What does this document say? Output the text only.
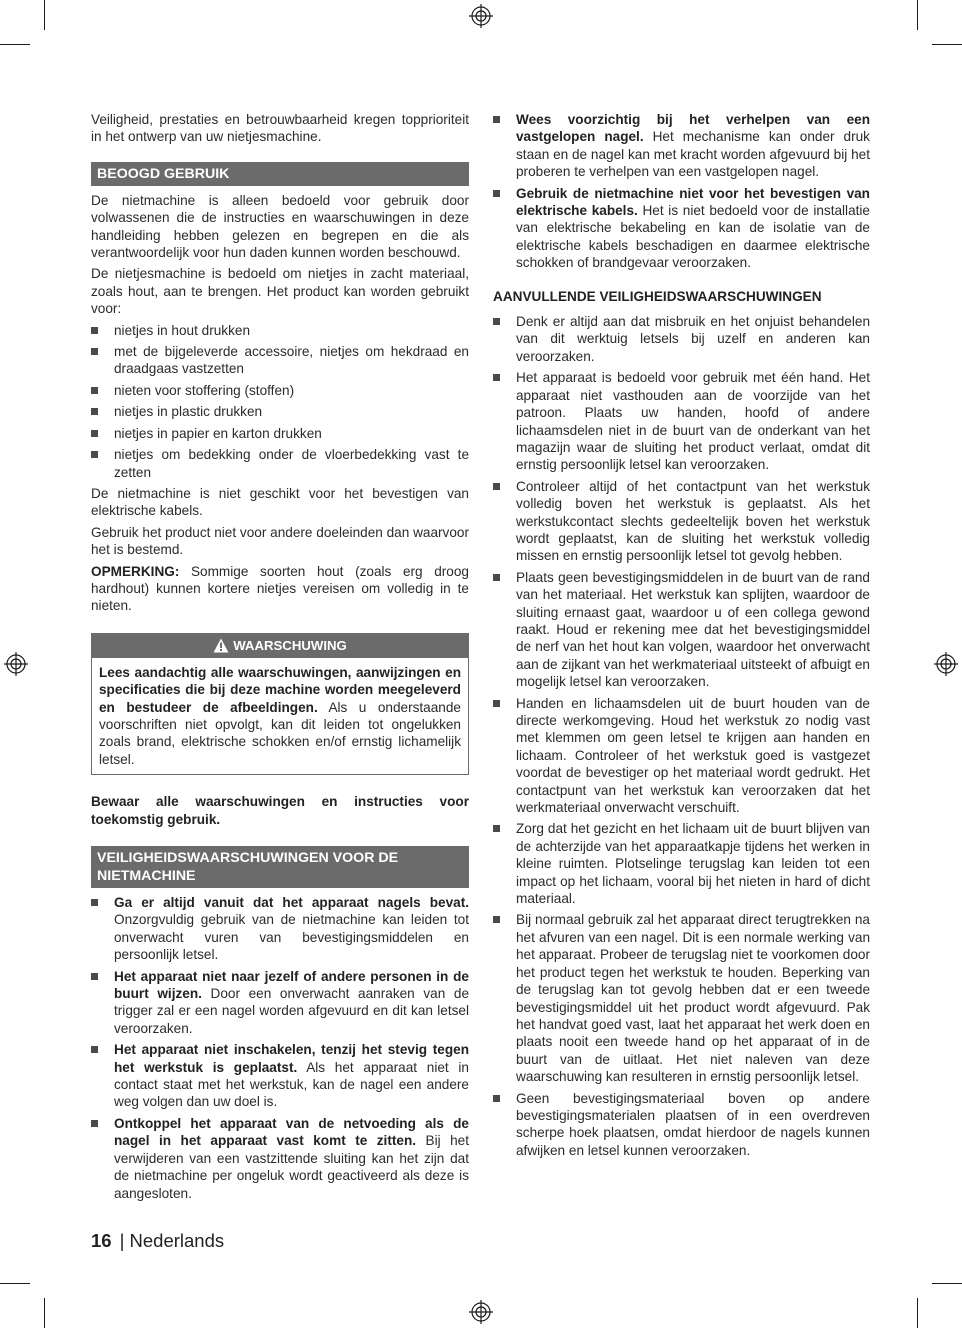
Veiligheid, prestaties en betrouwbaarheid kregen topprioriteit in het ontwerp van uw nietjesmachine.

BEOOGD GEBRUIK

De nietmachine is alleen bedoeld voor gebruik door volwassenen die de instructies en waarschuwingen in deze handleiding hebben gelezen en begrepen en die als verantwoordelijk voor hun daden kunnen worden beschouwd.

De nietjesmachine is bedoeld om nietjes in zacht materiaal, zoals hout, aan te brengen. Het product kan worden gebruikt voor:

nietjes in hout drukken
met de bijgeleverde accessoire, nietjes om hekdraad en draadgaas vastzetten
nieten voor stoffering (stoffen)
nietjes in plastic drukken
nietjes in papier en karton drukken
nietjes om bedekking onder de vloerbedekking vast te zetten

De nietmachine is niet geschikt voor het bevestigen van elektrische kabels.

Gebruik het product niet voor andere doeleinden dan waarvoor het is bestemd.

OPMERKING: Sommige soorten hout (zoals erg droog hardhout) kunnen kortere nietjes vereisen om volledig in te nieten.

WAARSCHUWING
Lees aandachtig alle waarschuwingen, aanwijzingen en specificaties die bij deze machine worden meegeleverd en bestudeer de afbeeldingen. Als u onderstaande voorschriften niet opvolgt, kan dit leiden tot ongelukken zoals brand, elektrische schokken en/of ernstig lichamelijk letsel.

Bewaar alle waarschuwingen en instructies voor toekomstig gebruik.

VEILIGHEIDSWAARSCHUWINGEN VOOR DE NIETMACHINE
Ga er altijd vanuit dat het apparaat nagels bevat. Onzorgvuldig gebruik van de nietmachine kan leiden tot onverwacht vuren van bevestigingsmiddelen en persoonlijk letsel.
Het apparaat niet naar jezelf of andere personen in de buurt wijzen. Door een onverwacht aanraken van de trigger zal er een nagel worden afgevuurd en dit kan letsel veroorzaken.
Het apparaat niet inschakelen, tenzij het stevig tegen het werkstuk is geplaatst. Als het apparaat niet in contact staat met het werkstuk, kan de nagel een andere weg volgen dan uw doel is.
Ontkoppel het apparaat van de netvoeding als de nagel in het apparaat vast komt te zitten. Bij het verwijderen van een vastzittende sluiting kan het zijn dat de nietmachine per ongeluk wordt geactiveerd als deze is aangesloten.
Wees voorzichtig bij het verhelpen van een vastgelopen nagel. Het mechanisme kan onder druk staan en de nagel kan met kracht worden afgevuurd bij het proberen te verhelpen van een vastgelopen nagel.
Gebruik de nietmachine niet voor het bevestigen van elektrische kabels. Het is niet bedoeld voor de installatie van elektrische bekabeling en kan de isolatie van de elektrische kabels beschadigen en daarmee elektrische schokken of brandgevaar veroorzaken.
AANVULLENDE VEILIGHEIDSWAARSCHUWINGEN
Denk er altijd aan dat misbruik en het onjuist behandelen van dit werktuig letsels bij uzelf en anderen kan veroorzaken.
Het apparaat is bedoeld voor gebruik met één hand. Het apparaat niet vasthouden aan de voorzijde van het patroon. Plaats uw handen, hoofd of andere lichaamsdelen niet in de buurt van de onderkant van het magazijn waar de sluiting het product verlaat, omdat dit ernstig persoonlijk letsel kan veroorzaken.
Controleer altijd of het contactpunt van het werkstuk volledig boven het werkstuk is geplaatst. Als het werkstukcontact slechts gedeeltelijk boven het werkstuk wordt geplaatst, kan de sluiting het werkstuk volledig missen en ernstig persoonlijk letsel tot gevolg hebben.
Plaats geen bevestigingsmiddelen in de buurt van de rand van het materiaal. Het werkstuk kan splijten, waardoor de sluiting ernaast gaat, waardoor u of een collega gewond raakt. Houd er rekening mee dat het bevestigingsmiddel de nerf van het hout kan volgen, waardoor het onverwacht aan de zijkant van het werkmateriaal uitsteekt of afbuigt en mogelijk letsel kan veroorzaken.
Handen en lichaamsdelen uit de buurt houden van de directe werkomgeving. Houd het werkstuk zo nodig vast met klemmen om geen letsel te krijgen aan handen en lichaam. Controleer of het werkstuk goed is vastgezet voordat de bevestiger op het materiaal wordt gedrukt. Het contactpunt van het werkstuk kan veroorzaken dat het werkmateriaal onverwacht verschuift.
Zorg dat het gezicht en het lichaam uit de buurt blijven van de achterzijde van het apparaatkapje tijdens het werken in kleine ruimten. Plotselinge terugslag kan leiden tot een impact op het lichaam, vooral bij het nieten in hard of dicht materiaal.
Bij normaal gebruik zal het apparaat direct terugtrekken na het afvuren van een nagel. Dit is een normale werking van het apparaat. Probeer de terugslag niet te voorkomen door het product tegen het werkstuk te houden. Beperking van de terugslag kan tot gevolg hebben dat er een tweede bevestigingsmiddel uit het product wordt afgevuurd. Pak het handvat goed vast, laat het apparaat het werk doen en plaats nooit een tweede hand op het apparaat of in de buurt van de uitlaat. Het niet naleven van deze waarschuwing kan resulteren in ernstig persoonlijk letsel.
Geen bevestigingsmateriaal boven op andere bevestigingsmaterialen plaatsen of in een overdreven scherpe hoek plaatsen, omdat hierdoor de nagels kunnen afwijken en letsel kunnen veroorzaken.
16 | Nederlands
